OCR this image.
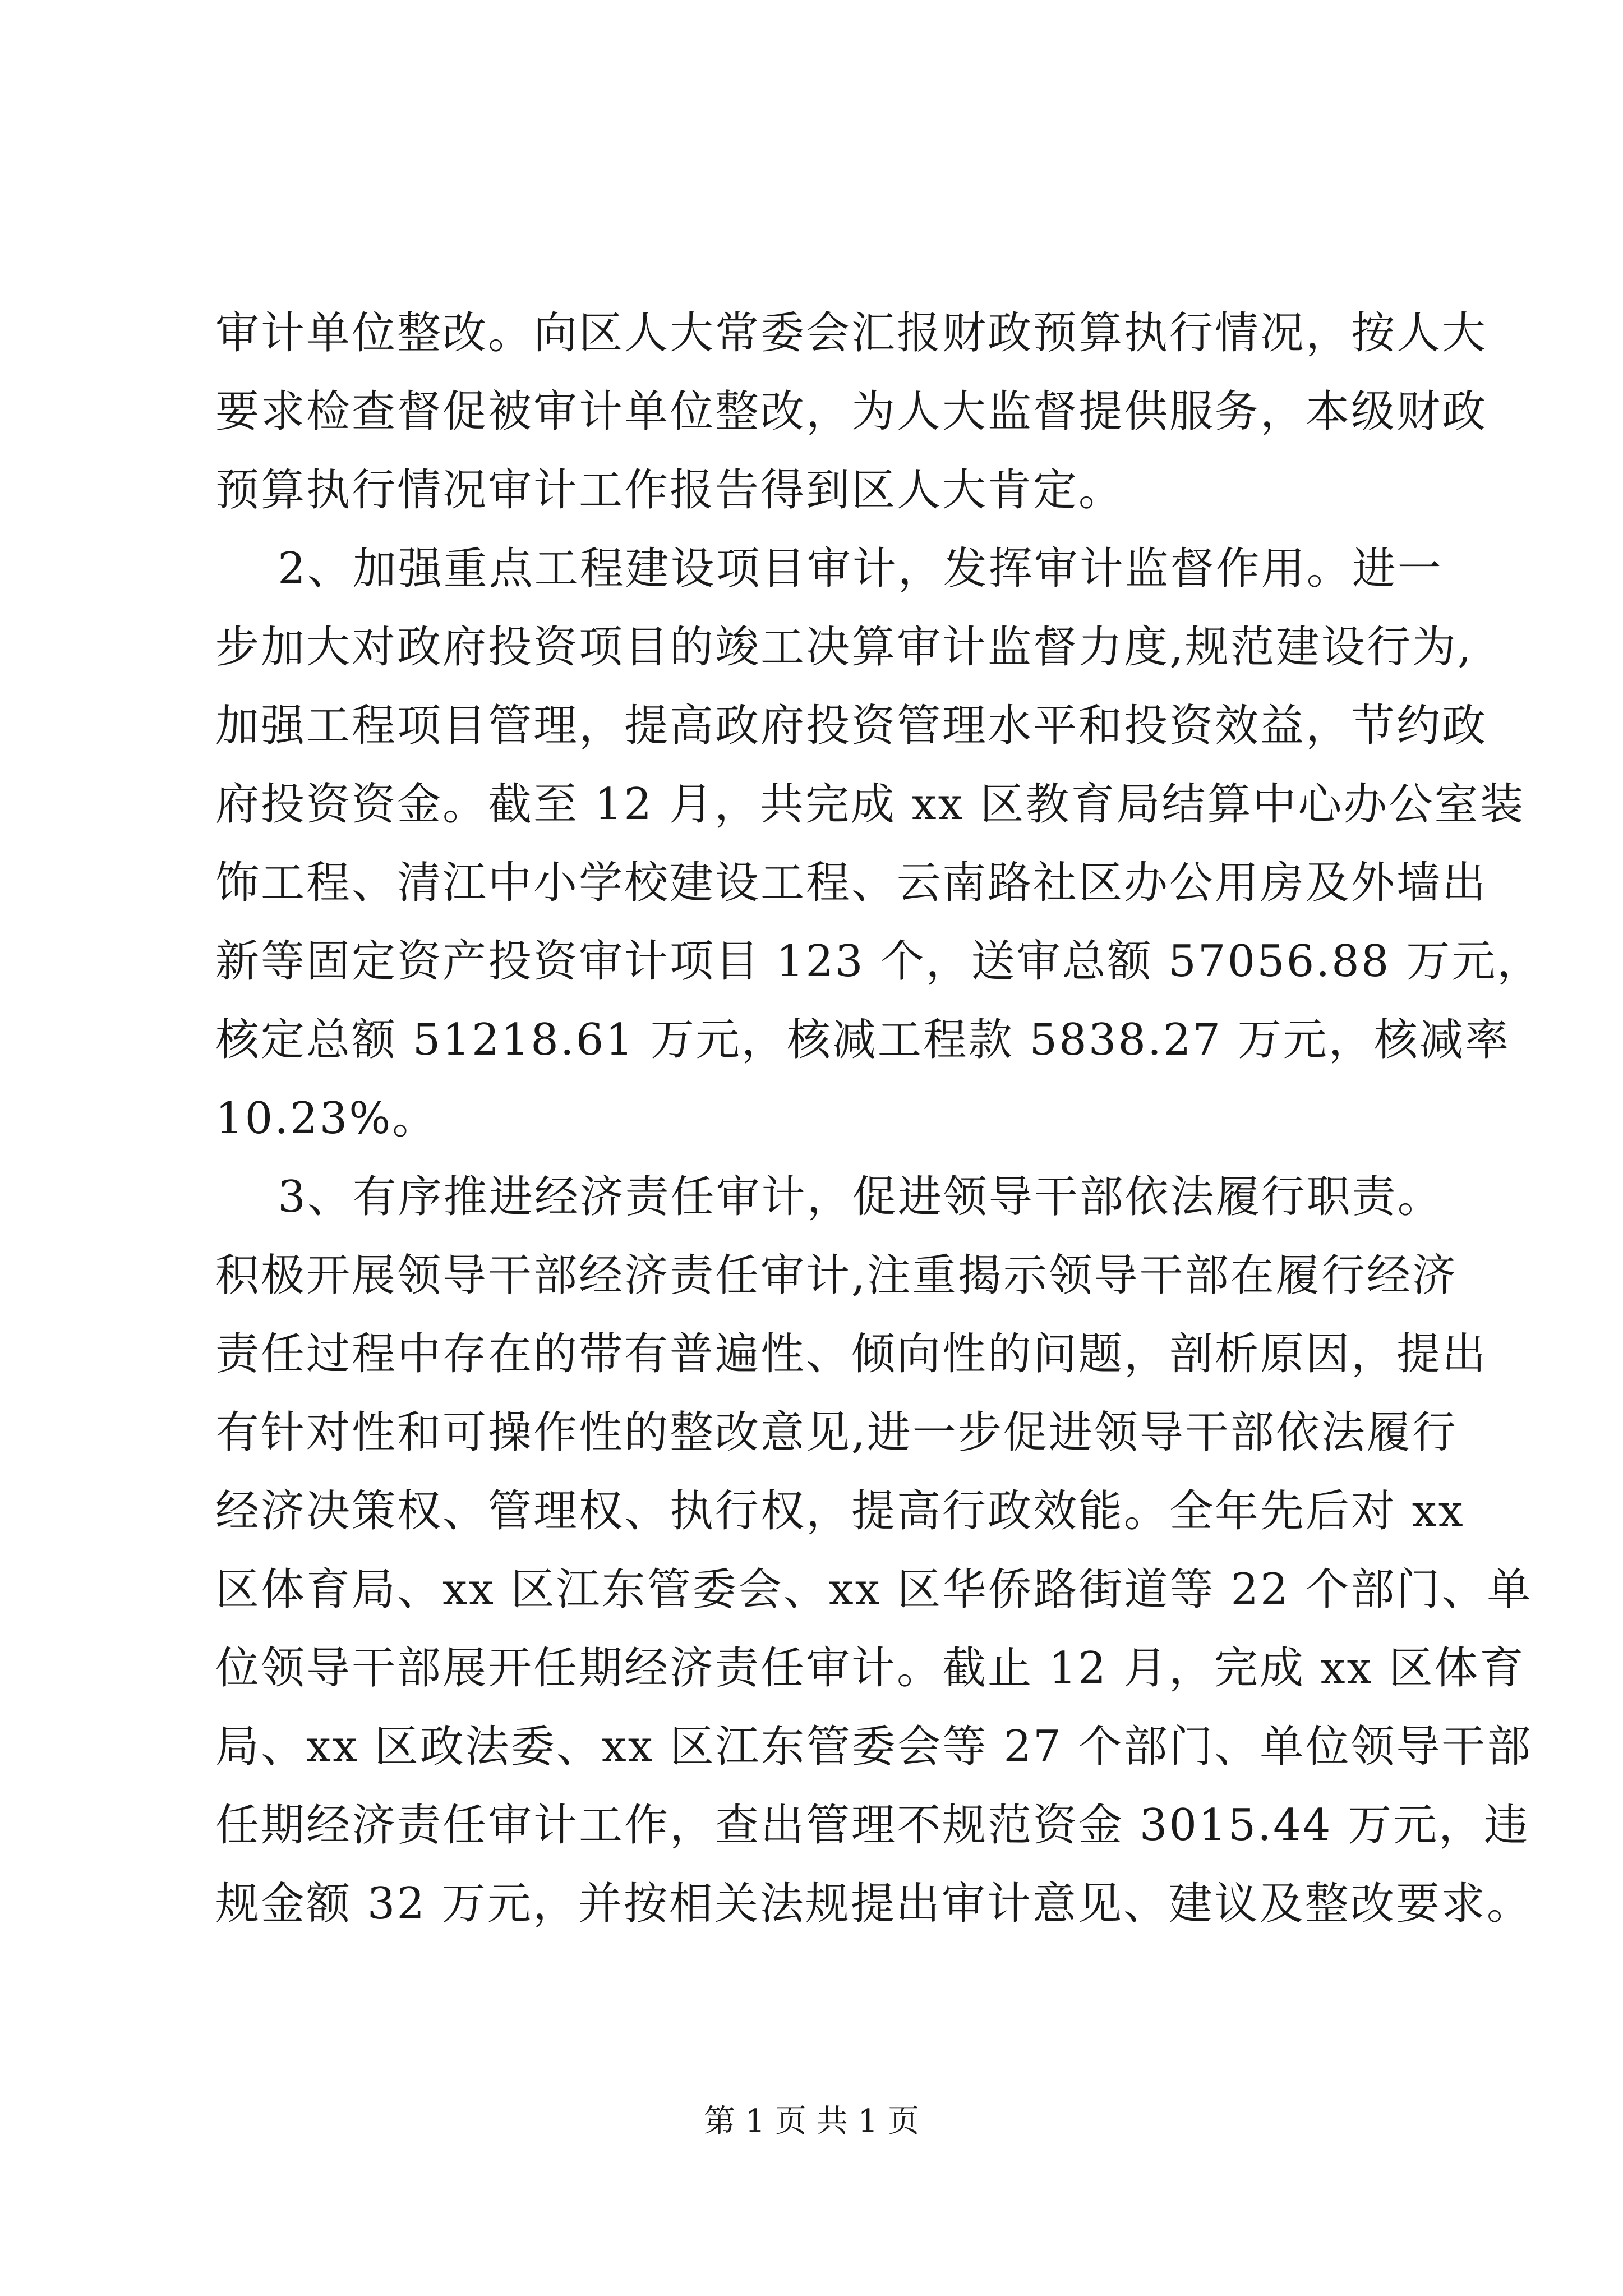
审计单位整改。向区人大常委会汇报财政预算执行情况，按人大
要求检查督促被审计单位整改，为人大监督提供服务，本级财政
预算执行情况审计工作报告得到区人大肯定。
2、加强重点工程建设项目审计，发挥审计监督作用。进一
步加大对政府投资项目的竣工决算审计监督力度,规范建设行为,
加强工程项目管理，提高政府投资管理水平和投资效益，节约政
府投资资金。截至 12 月，共完成 xx 区教育局结算中心办公室装
饰工程、清江中小学校建设工程、云南路社区办公用房及外墙出
新等固定资产投资审计项目 123 个，送审总额 57056.88 万元，
核定总额 51218.61 万元，核减工程款 5838.27 万元，核减率
10.23%。
3、有序推进经济责任审计，促进领导干部依法履行职责。
积极开展领导干部经济责任审计,注重揭示领导干部在履行经济
责任过程中存在的带有普遍性、倾向性的问题，剖析原因，提出
有针对性和可操作性的整改意见,进一步促进领导干部依法履行
经济决策权、管理权、执行权，提高行政效能。全年先后对 xx
区体育局、xx 区江东管委会、xx 区华侨路街道等 22 个部门、单
位领导干部展开任期经济责任审计。截止 12 月，完成 xx 区体育
局、xx 区政法委、xx 区江东管委会等 27 个部门、单位领导干部
任期经济责任审计工作，查出管理不规范资金 3015.44 万元，违
规金额 32 万元，并按相关法规提出审计意见、建议及整改要求。
第 1 页 共 1 页
